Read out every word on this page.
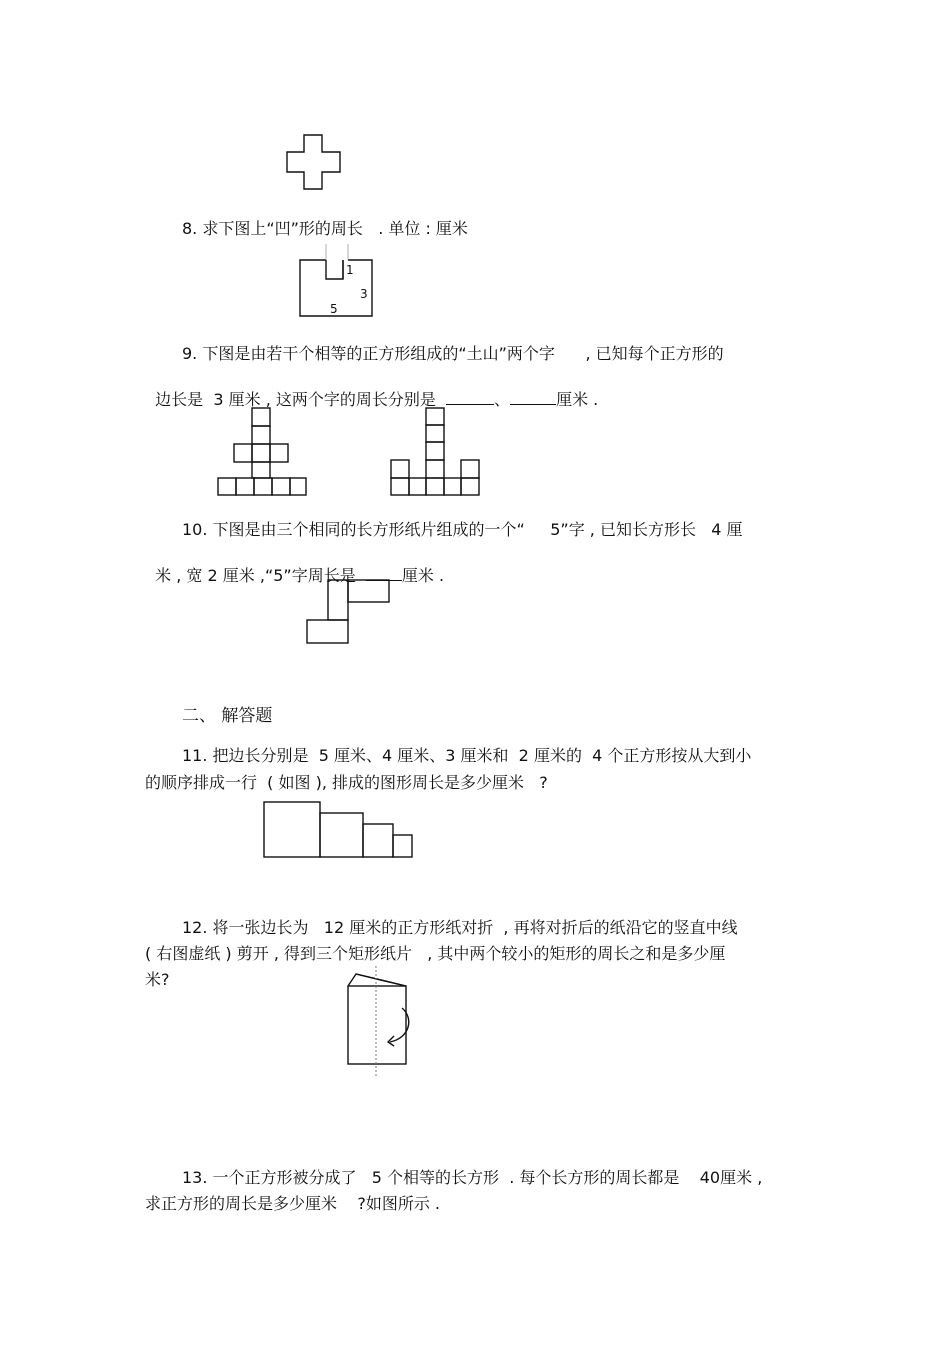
8. 求下图上“凹”形的周长   . 单位 : 厘米
1
3
5
9. 下图是由若干个相等的正方形组成的“土山”两个字      , 已知每个正方形的

边长是  3 厘米 , 这两个字的周长分别是	、	厘米 .

10. 下图是由三个相同的长方形纸片组成的一个“     5”字 , 已知长方形长   4 厘

米 , 宽 2 厘米 ,“5”字周长是  厘米 .

二、 解答题
11. 把边长分别是  5 厘米、4 厘米、3 厘米和  2 厘米的  4 个正方形按从大到小
的顺序排成一行  ( 如图 ), 排成的图形周长是多少厘米   ?
12. 将一张边长为   12 厘米的正方形纸对折  , 再将对折后的纸沿它的竖直中线
( 右图虚纸 ) 剪开 , 得到三个矩形纸片   , 其中两个较小的矩形的周长之和是多少厘
米?
13. 一个正方形被分成了   5 个相等的长方形  . 每个长方形的周长都是    40厘米 ,
求正方形的周长是多少厘米    ?如图所示 .
